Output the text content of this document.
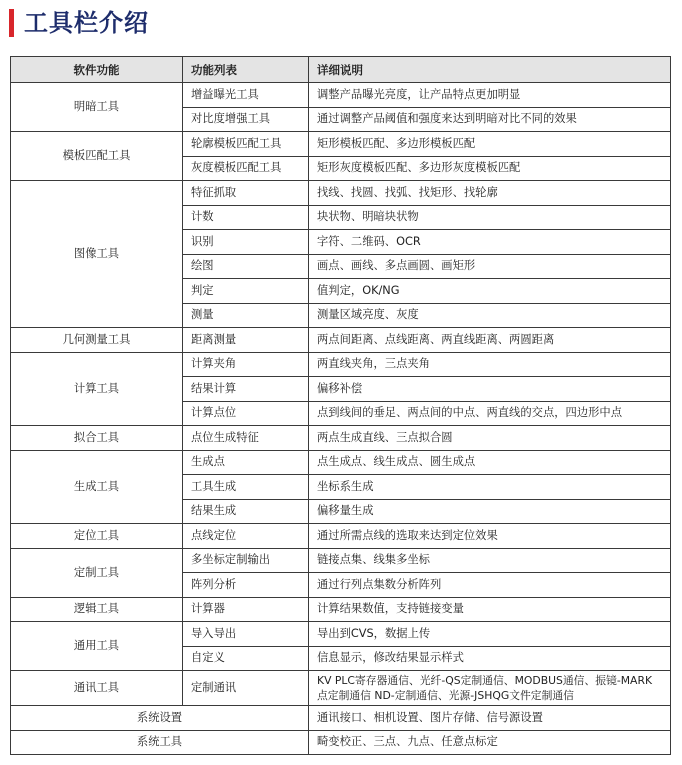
工具栏介绍
软件功能	功能列表	详细说明
明暗工具	增益曝光工具	调整产品曝光亮度，让产品特点更加明显
	对比度增强工具	通过调整产品阈值和强度来达到明暗对比不同的效果
模板匹配工具	轮廓模板匹配工具	矩形模板匹配、多边形模板匹配
	灰度模板匹配工具	矩形灰度模板匹配、多边形灰度模板匹配
图像工具	特征抓取	找线、找圆、找弧、找矩形、找轮廓
	计数	块状物、明暗块状物
	识别	字符、二维码、OCR
	绘图	画点、画线、多点画圆、画矩形
	判定	值判定，OK/NG
	测量	测量区域亮度、灰度
几何测量工具	距离测量	两点间距离、点线距离、两直线距离、两圆距离
计算工具	计算夹角	两直线夹角，三点夹角
	结果计算	偏移补偿
	计算点位	点到线间的垂足、两点间的中点、两直线的交点，四边形中点
拟合工具	点位生成特征	两点生成直线、三点拟合圆
生成工具	生成点	点生成点、线生成点、圆生成点
	工具生成	坐标系生成
	结果生成	偏移量生成
定位工具	点线定位	通过所需点线的选取来达到定位效果
定制工具	多坐标定制输出	链接点集、线集多坐标
	阵列分析	通过行列点集数分析阵列
逻辑工具	计算器	计算结果数值，支持链接变量
通用工具	导入导出	导出到CVS，数据上传
	自定义	信息显示，修改结果显示样式
通讯工具	定制通讯	KV PLC寄存器通信、光纤-QS定制通信、MODBUS通信、振镜-MARK点定制通信 ND-定制通信、光源-JSHQG文件定制通信
系统设置		通讯接口、相机设置、图片存储、信号源设置
系统工具		畸变校正、三点、九点、任意点标定
